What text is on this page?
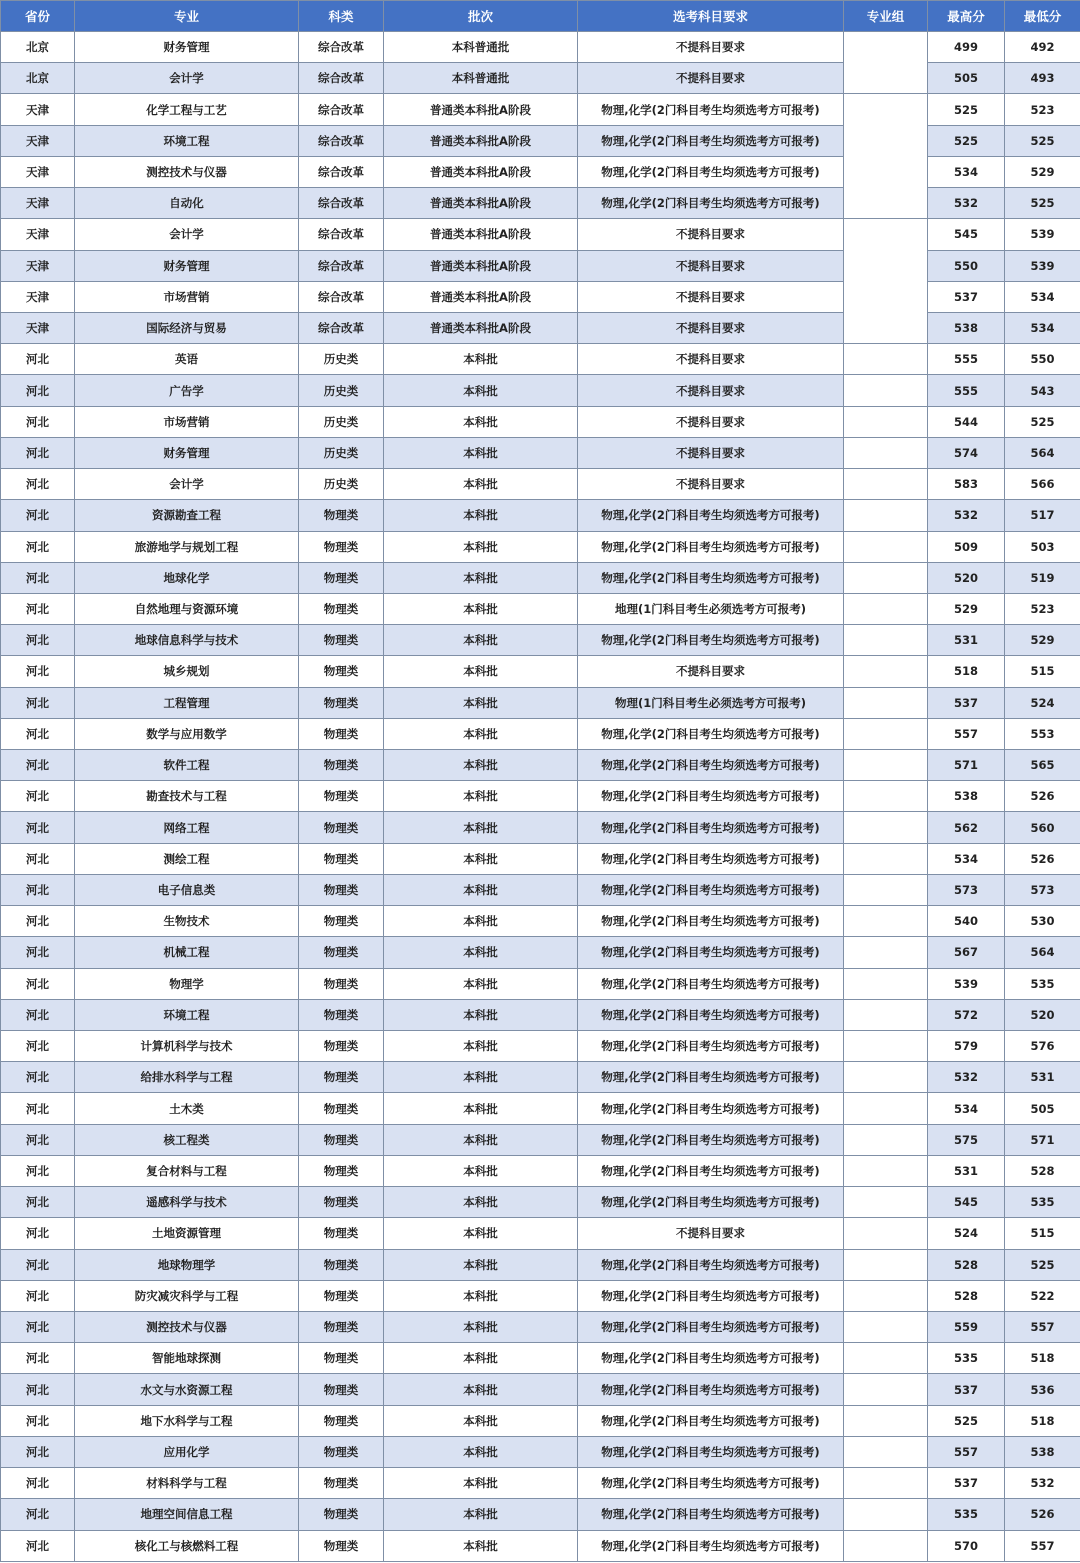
省份	专业	科类	批次	选考科目要求	专业组	最高分	最低分
北京	财务管理	综合改革	本科普通批	不提科目要求		499	492
北京	会计学	综合改革	本科普通批	不提科目要求		505	493
天津	化学工程与工艺	综合改革	普通类本科批A阶段	物理,化学(2门科目考生均须选考方可报考)		525	523
天津	环境工程	综合改革	普通类本科批A阶段	物理,化学(2门科目考生均须选考方可报考)		525	525
天津	测控技术与仪器	综合改革	普通类本科批A阶段	物理,化学(2门科目考生均须选考方可报考)		534	529
天津	自动化	综合改革	普通类本科批A阶段	物理,化学(2门科目考生均须选考方可报考)		532	525
天津	会计学	综合改革	普通类本科批A阶段	不提科目要求		545	539
天津	财务管理	综合改革	普通类本科批A阶段	不提科目要求		550	539
天津	市场营销	综合改革	普通类本科批A阶段	不提科目要求		537	534
天津	国际经济与贸易	综合改革	普通类本科批A阶段	不提科目要求		538	534
河北	英语	历史类	本科批	不提科目要求		555	550
河北	广告学	历史类	本科批	不提科目要求		555	543
河北	市场营销	历史类	本科批	不提科目要求		544	525
河北	财务管理	历史类	本科批	不提科目要求		574	564
河北	会计学	历史类	本科批	不提科目要求		583	566
河北	资源勘查工程	物理类	本科批	物理,化学(2门科目考生均须选考方可报考)		532	517
河北	旅游地学与规划工程	物理类	本科批	物理,化学(2门科目考生均须选考方可报考)		509	503
河北	地球化学	物理类	本科批	物理,化学(2门科目考生均须选考方可报考)		520	519
河北	自然地理与资源环境	物理类	本科批	地理(1门科目考生必须选考方可报考)		529	523
河北	地球信息科学与技术	物理类	本科批	物理,化学(2门科目考生均须选考方可报考)		531	529
河北	城乡规划	物理类	本科批	不提科目要求		518	515
河北	工程管理	物理类	本科批	物理(1门科目考生必须选考方可报考)		537	524
河北	数学与应用数学	物理类	本科批	物理,化学(2门科目考生均须选考方可报考)		557	553
河北	软件工程	物理类	本科批	物理,化学(2门科目考生均须选考方可报考)		571	565
河北	勘查技术与工程	物理类	本科批	物理,化学(2门科目考生均须选考方可报考)		538	526
河北	网络工程	物理类	本科批	物理,化学(2门科目考生均须选考方可报考)		562	560
河北	测绘工程	物理类	本科批	物理,化学(2门科目考生均须选考方可报考)		534	526
河北	电子信息类	物理类	本科批	物理,化学(2门科目考生均须选考方可报考)		573	573
河北	生物技术	物理类	本科批	物理,化学(2门科目考生均须选考方可报考)		540	530
河北	机械工程	物理类	本科批	物理,化学(2门科目考生均须选考方可报考)		567	564
河北	物理学	物理类	本科批	物理,化学(2门科目考生均须选考方可报考)		539	535
河北	环境工程	物理类	本科批	物理,化学(2门科目考生均须选考方可报考)		572	520
河北	计算机科学与技术	物理类	本科批	物理,化学(2门科目考生均须选考方可报考)		579	576
河北	给排水科学与工程	物理类	本科批	物理,化学(2门科目考生均须选考方可报考)		532	531
河北	土木类	物理类	本科批	物理,化学(2门科目考生均须选考方可报考)		534	505
河北	核工程类	物理类	本科批	物理,化学(2门科目考生均须选考方可报考)		575	571
河北	复合材料与工程	物理类	本科批	物理,化学(2门科目考生均须选考方可报考)		531	528
河北	遥感科学与技术	物理类	本科批	物理,化学(2门科目考生均须选考方可报考)		545	535
河北	土地资源管理	物理类	本科批	不提科目要求		524	515
河北	地球物理学	物理类	本科批	物理,化学(2门科目考生均须选考方可报考)		528	525
河北	防灾减灾科学与工程	物理类	本科批	物理,化学(2门科目考生均须选考方可报考)		528	522
河北	测控技术与仪器	物理类	本科批	物理,化学(2门科目考生均须选考方可报考)		559	557
河北	智能地球探测	物理类	本科批	物理,化学(2门科目考生均须选考方可报考)		535	518
河北	水文与水资源工程	物理类	本科批	物理,化学(2门科目考生均须选考方可报考)		537	536
河北	地下水科学与工程	物理类	本科批	物理,化学(2门科目考生均须选考方可报考)		525	518
河北	应用化学	物理类	本科批	物理,化学(2门科目考生均须选考方可报考)		557	538
河北	材料科学与工程	物理类	本科批	物理,化学(2门科目考生均须选考方可报考)		537	532
河北	地理空间信息工程	物理类	本科批	物理,化学(2门科目考生均须选考方可报考)		535	526
河北	核化工与核燃料工程	物理类	本科批	物理,化学(2门科目考生均须选考方可报考)		570	557
